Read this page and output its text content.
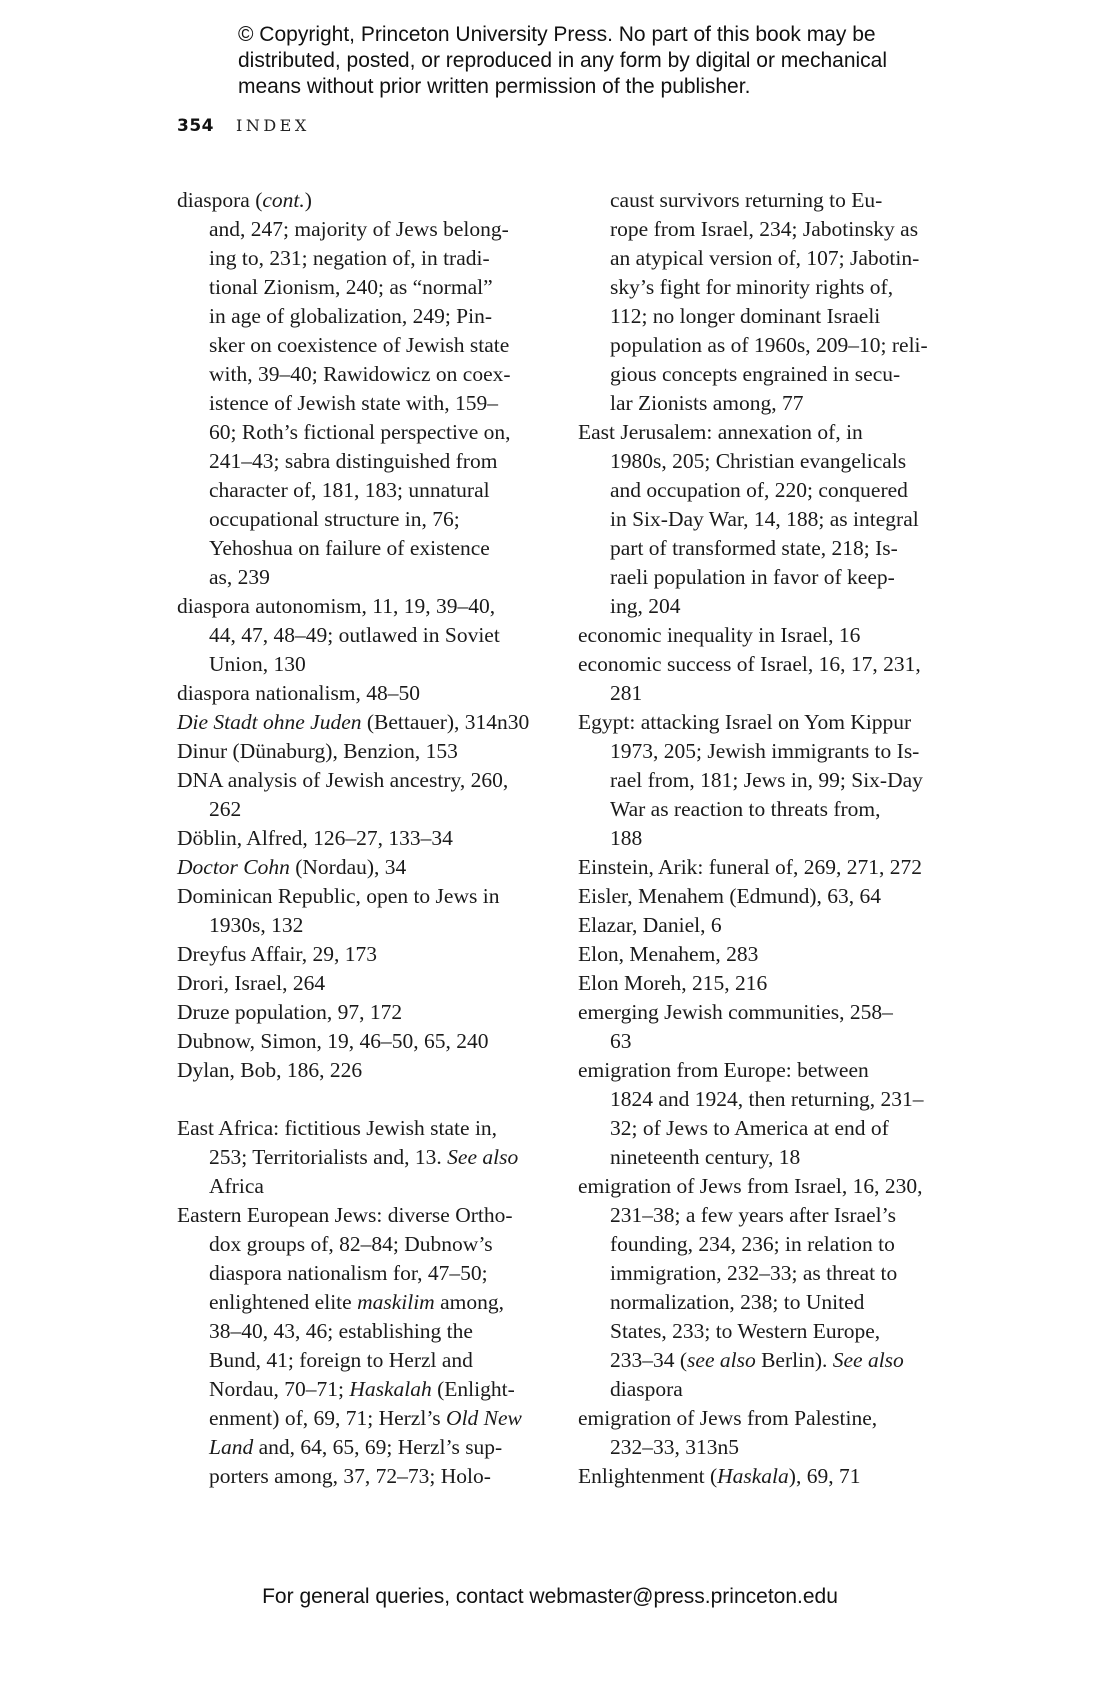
© Copyright, Princeton University Press. No part of this book may be
distributed, posted, or reproduced in any form by digital or mechanical
means without prior written permission of the publisher.
354 INDEX
diaspora (cont.)
and, 247; majority of Jews belong-
ing to, 231; negation of, in tradi-
tional Zionism, 240; as “normal”
in age of globalization, 249; Pin-
sker on coexistence of Jewish state
with, 39–40; Rawidowicz on coex-
istence of Jewish state with, 159–
60; Roth’s fictional perspective on,
241–43; sabra distinguished from
character of, 181, 183; unnatural
occupational structure in, 76;
Yehoshua on failure of existence
as, 239
diaspora autonomism, 11, 19, 39–40,
44, 47, 48–49; outlawed in Soviet
Union, 130
diaspora nationalism, 48–50
Die Stadt ohne Juden (Bettauer), 314n30
Dinur (Dünaburg), Benzion, 153
DNA analysis of Jewish ancestry, 260,
262
Döblin, Alfred, 126–27, 133–34
Doctor Cohn (Nordau), 34
Dominican Republic, open to Jews in
1930s, 132
Dreyfus Affair, 29, 173
Drori, Israel, 264
Druze population, 97, 172
Dubnow, Simon, 19, 46–50, 65, 240
Dylan, Bob, 186, 226
East Africa: fictitious Jewish state in,
253; Territorialists and, 13. See also
Africa
Eastern European Jews: diverse Ortho-
dox groups of, 82–84; Dubnow’s
diaspora nationalism for, 47–50;
enlightened elite maskilim among,
38–40, 43, 46; establishing the
Bund, 41; foreign to Herzl and
Nordau, 70–71; Haskalah (Enlight-
enment) of, 69, 71; Herzl’s Old New
Land and, 64, 65, 69; Herzl’s sup-
porters among, 37, 72–73; Holo-
caust survivors returning to Eu-
rope from Israel, 234; Jabotinsky as
an atypical version of, 107; Jabotin-
sky’s fight for minority rights of,
112; no longer dominant Israeli
population as of 1960s, 209–10; reli-
gious concepts engrained in secu-
lar Zionists among, 77
East Jerusalem: annexation of, in
1980s, 205; Christian evangelicals
and occupation of, 220; conquered
in Six-Day War, 14, 188; as integral
part of transformed state, 218; Is-
raeli population in favor of keep-
ing, 204
economic inequality in Israel, 16
economic success of Israel, 16, 17, 231,
281
Egypt: attacking Israel on Yom Kippur
1973, 205; Jewish immigrants to Is-
rael from, 181; Jews in, 99; Six-Day
War as reaction to threats from,
188
Einstein, Arik: funeral of, 269, 271, 272
Eisler, Menahem (Edmund), 63, 64
Elazar, Daniel, 6
Elon, Menahem, 283
Elon Moreh, 215, 216
emerging Jewish communities, 258–
63
emigration from Europe: between
1824 and 1924, then returning, 231–
32; of Jews to America at end of
nineteenth century, 18
emigration of Jews from Israel, 16, 230,
231–38; a few years after Israel’s
founding, 234, 236; in relation to
immigration, 232–33; as threat to
normalization, 238; to United
States, 233; to Western Europe,
233–34 (see also Berlin). See also
diaspora
emigration of Jews from Palestine,
232–33, 313n5
Enlightenment (Haskala), 69, 71
For general queries, contact webmaster@press.princeton.edu
